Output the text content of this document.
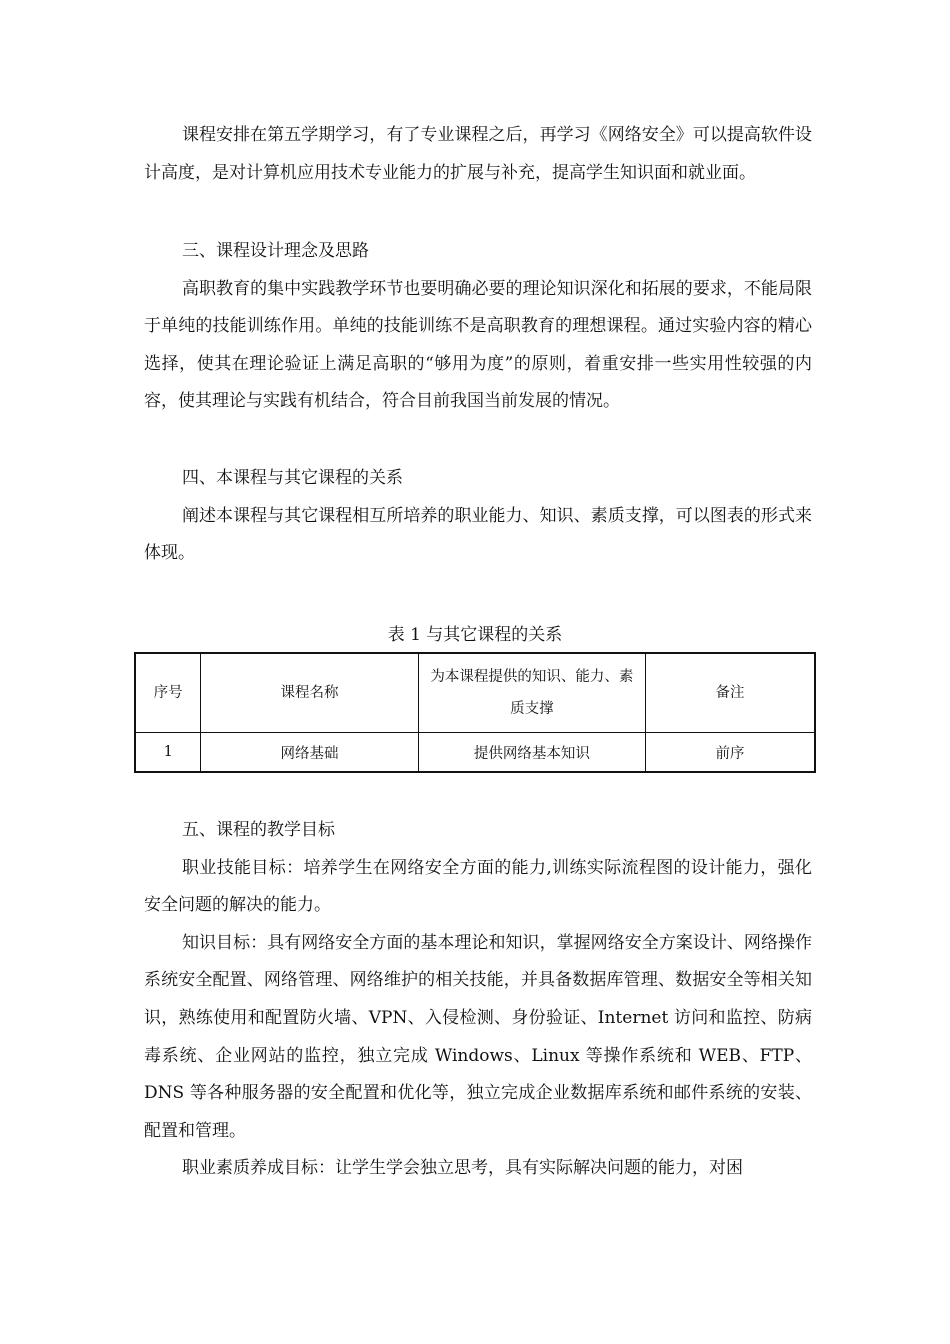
课程安排在第五学期学习，有了专业课程之后，再学习《网络安全》可以提高软件设计高度，是对计算机应用技术专业能力的扩展与补充，提高学生知识面和就业面。

三、课程设计理念及思路

高职教育的集中实践教学环节也要明确必要的理论知识深化和拓展的要求，不能局限于单纯的技能训练作用。单纯的技能训练不是高职教育的理想课程。通过实验内容的精心选择，使其在理论验证上满足高职的“够用为度”的原则，着重安排一些实用性较强的内容，使其理论与实践有机结合，符合目前我国当前发展的情况。

四、本课程与其它课程的关系

阐述本课程与其它课程相互所培养的职业能力、知识、素质支撑，可以图表的形式来体现。

表 1 与其它课程的关系
序号	课程名称	为本课程提供的知识、能力、素质支撑	备注
1	网络基础	提供网络基本知识	前序

五、课程的教学目标

职业技能目标：培养学生在网络安全方面的能力,训练实际流程图的设计能力，强化安全问题的解决的能力。

知识目标：具有网络安全方面的基本理论和知识，掌握网络安全方案设计、网络操作系统安全配置、网络管理、网络维护的相关技能，并具备数据库管理、数据安全等相关知识，熟练使用和配置防火墙、VPN、入侵检测、身份验证、Internet 访问和监控、防病毒系统、企业网站的监控，独立完成 Windows、Linux 等操作系统和 WEB、FTP、DNS 等各种服务器的安全配置和优化等，独立完成企业数据库系统和邮件系统的安装、配置和管理。

职业素质养成目标：让学生学会独立思考，具有实际解决问题的能力，对困
